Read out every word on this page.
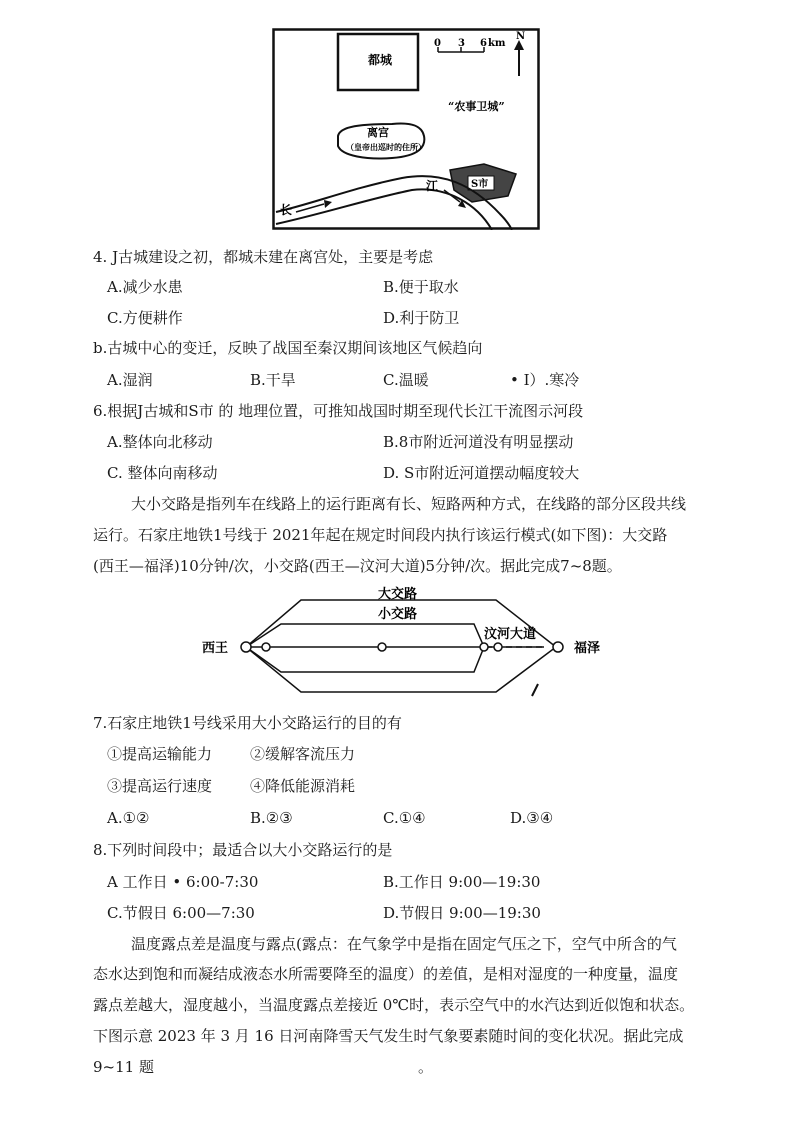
都城
0 3 6 km
N
“农事卫城”
离宫
（皇帝出巡时的住所）
S市
长
江
4. J古城建设之初，都城未建在离宫处，主要是考虑
A.减少水患	B.便于取水
C.方便耕作	D.利于防卫
b.古城中心的变迁，反映了战国至秦汉期间该地区气候趋向
A.湿润	B.干旱	C.温暖	• I）.寒冷
6.根据J古城和S市 的 地理位置，可推知战国时期至现代长江干流图示河段
A.整体向北移动	B.8市附近河道没有明显摆动
C. 整体向南移动	D. S市附近河道摆动幅度较大
大小交路是指列车在线路上的运行距离有长、短路两种方式，在线路的部分区段共线
运行。石家庄地铁1号线于 2021年起在规定时间段内执行该运行模式(如下图)：大交路
(西王—福泽)10分钟/次，小交路(西王—汶河大道)5分钟/次。据此完成7~8题。
大交路
小交路
西王
汶河大道
福泽
7.石家庄地铁1号线采用大小交路运行的目的有
①提高运输能力	②缓解客流压力
③提高运行速度	④降低能源消耗
A.①②	B.②③	C.①④	D.③④
8.下列时间段中；最适合以大小交路运行的是
A 工作日 • 6:00-7:30	B.工作日 9:00—19:30
C.节假日 6:00—7:30	D.节假日 9:00—19:30
温度露点差是温度与露点(露点：在气象学中是指在固定气压之下，空气中所含的气
态水达到饱和而凝结成液态水所需要降至的温度）的差值，是相对湿度的一种度量，温度
露点差越大，湿度越小，当温度露点差接近 0℃时，表示空气中的水汽达到近似饱和状态。
下图示意 2023 年 3 月 16 日河南降雪天气发生时气象要素随时间的变化状况。据此完成
9~11 题	。
